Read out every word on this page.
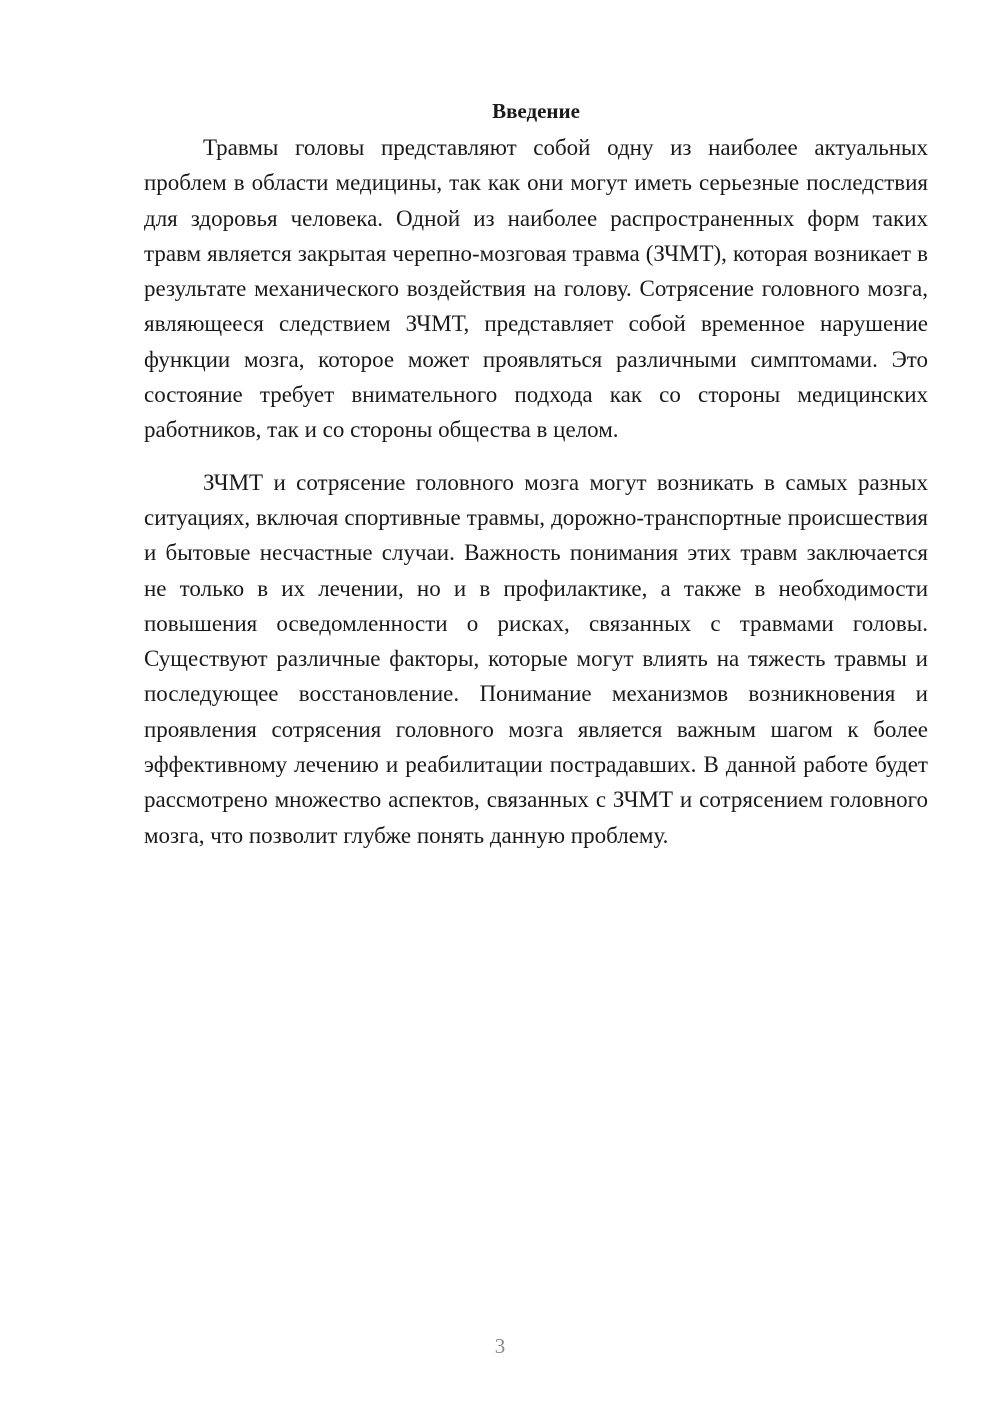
Введение

Травмы головы представляют собой одну из наиболее актуальных проблем в области медицины, так как они могут иметь серьезные последствия для здоровья человека. Одной из наиболее распространенных форм таких травм является закрытая черепно-мозговая травма (ЗЧМТ), которая возникает в результате механического воздействия на голову. Сотрясение головного мозга, являющееся следствием ЗЧМТ, представляет собой временное нарушение функции мозга, которое может проявляться различными симптомами. Это состояние требует внимательного подхода как со стороны медицинских работников, так и со стороны общества в целом.

ЗЧМТ и сотрясение головного мозга могут возникать в самых разных ситуациях, включая спортивные травмы, дорожно-транспортные происшествия и бытовые несчастные случаи. Важность понимания этих травм заключается не только в их лечении, но и в профилактике, а также в необходимости повышения осведомленности о рисках, связанных с травмами головы. Существуют различные факторы, которые могут влиять на тяжесть травмы и последующее восстановление. Понимание механизмов возникновения и проявления сотрясения головного мозга является важным шагом к более эффективному лечению и реабилитации пострадавших. В данной работе будет рассмотрено множество аспектов, связанных с ЗЧМТ и сотрясением головного мозга, что позволит глубже понять данную проблему.

3
